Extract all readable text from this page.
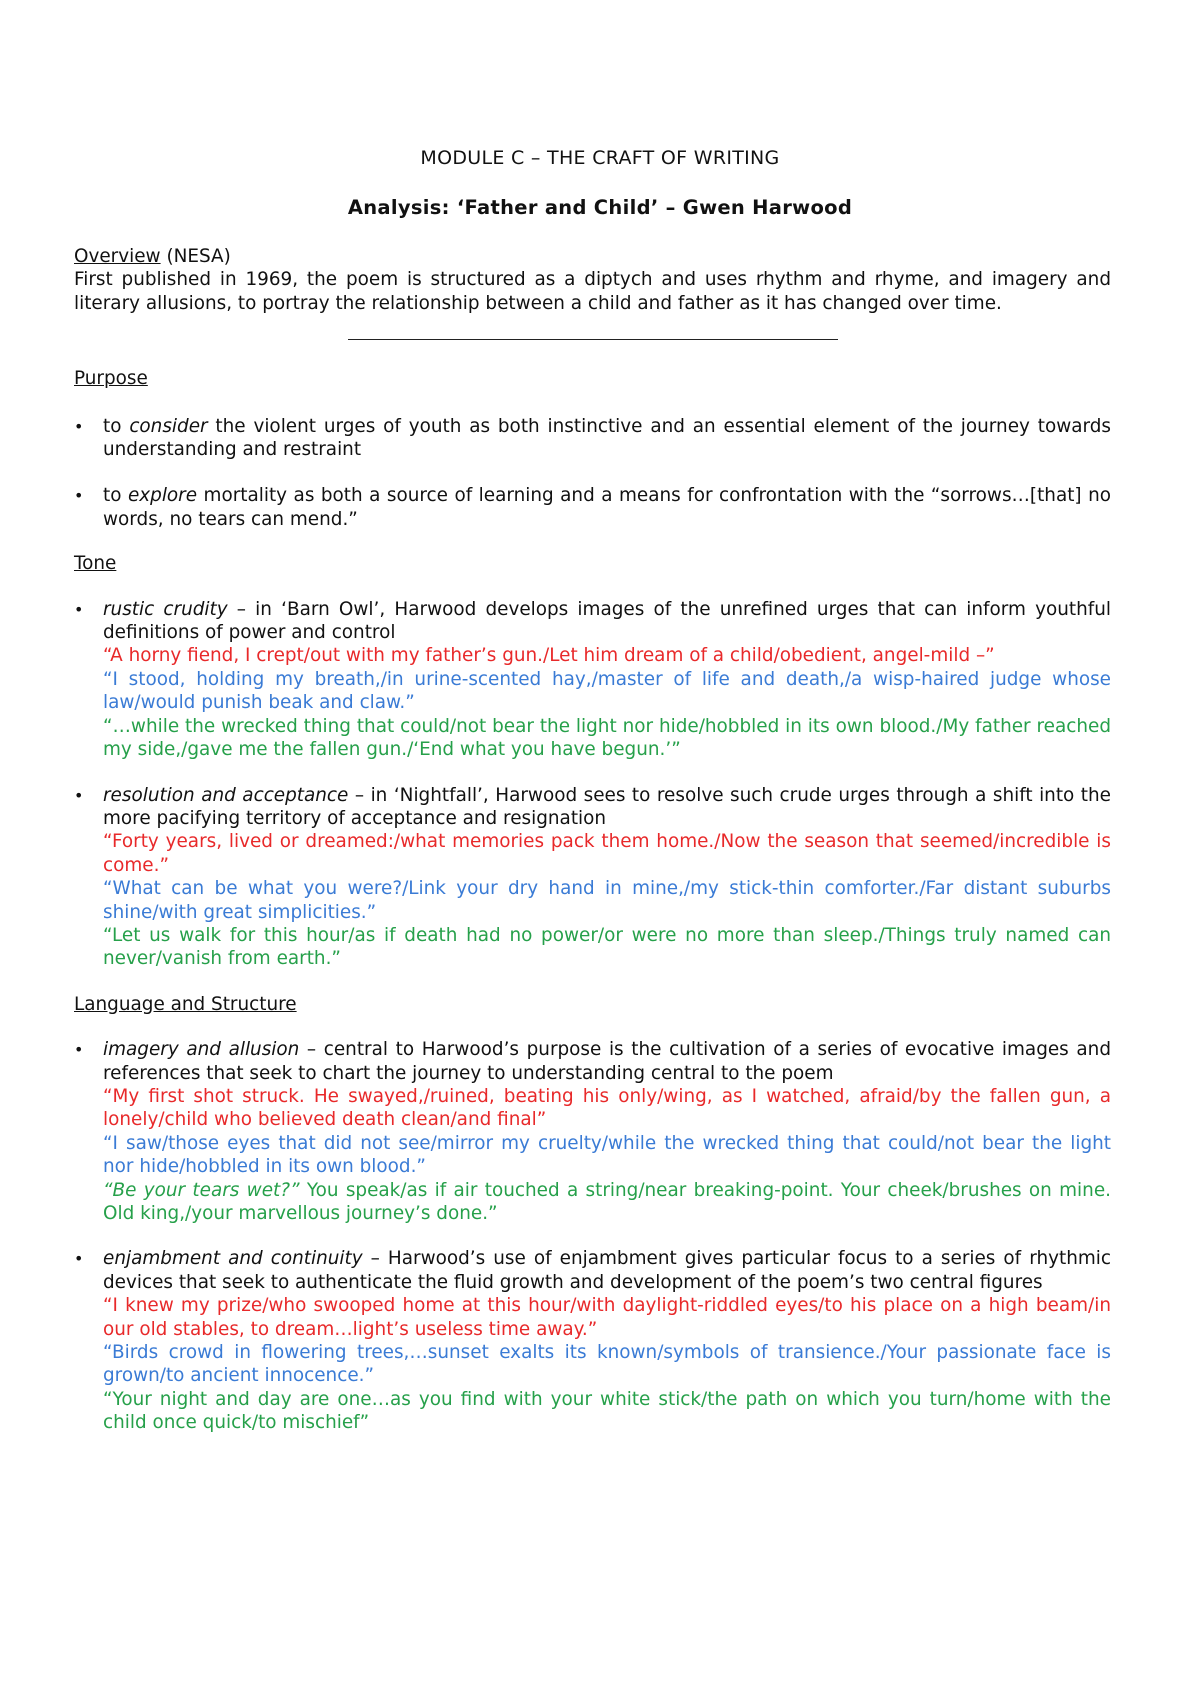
MODULE C – THE CRAFT OF WRITING
Analysis: ‘Father and Child’ – Gwen Harwood

Overview (NESA)

First published in 1969, the poem is structured as a diptych and uses rhythm and rhyme, and imagery and literary allusions, to portray the relationship between a child and father as it has changed over time.

Purpose

•	to consider the violent urges of youth as both instinctive and an essential element of the journey towards understanding and restraint
•	to explore mortality as both a source of learning and a means for confrontation with the “sorrows…[that] no words, no tears can mend.”

Tone

•	rustic crudity – in ‘Barn Owl’, Harwood develops images of the unrefined urges that can inform youthful definitions of power and control
“A horny fiend, I crept/out with my father’s gun./Let him dream of a child/obedient, angel-mild –”
“I stood, holding my breath,/in urine-scented hay,/master of life and death,/a wisp-haired judge whose law/would punish beak and claw.”
“…while the wrecked thing that could/not bear the light nor hide/hobbled in its own blood./My father reached my side,/gave me the fallen gun./‘End what you have begun.’”
•	resolution and acceptance – in ‘Nightfall’, Harwood sees to resolve such crude urges through a shift into the more pacifying territory of acceptance and resignation
“Forty years, lived or dreamed:/what memories pack them home./Now the season that seemed/incredible is come.”
“What can be what you were?/Link your dry hand in mine,/my stick-thin comforter./Far distant suburbs shine/with great simplicities.”
“Let us walk for this hour/as if death had no power/or were no more than sleep./Things truly named can never/vanish from earth.”

Language and Structure

•	imagery and allusion – central to Harwood’s purpose is the cultivation of a series of evocative images and references that seek to chart the journey to understanding central to the poem
“My first shot struck. He swayed,/ruined, beating his only/wing, as I watched, afraid/by the fallen gun, a lonely/child who believed death clean/and final”
“I saw/those eyes that did not see/mirror my cruelty/while the wrecked thing that could/not bear the light nor hide/hobbled in its own blood.”
“Be your tears wet?” You speak/as if air touched a string/near breaking-point. Your cheek/brushes on mine. Old king,/your marvellous journey’s done.”
•	enjambment and continuity – Harwood’s use of enjambment gives particular focus to a series of rhythmic devices that seek to authenticate the fluid growth and development of the poem’s two central figures
“I knew my prize/who swooped home at this hour/with daylight-riddled eyes/to his place on a high beam/in our old stables, to dream…light’s useless time away.”
“Birds crowd in flowering trees,…sunset exalts its known/symbols of transience./Your passionate face is grown/to ancient innocence.”
“Your night and day are one…as you find with your white stick/the path on which you turn/home with the child once quick/to mischief”
